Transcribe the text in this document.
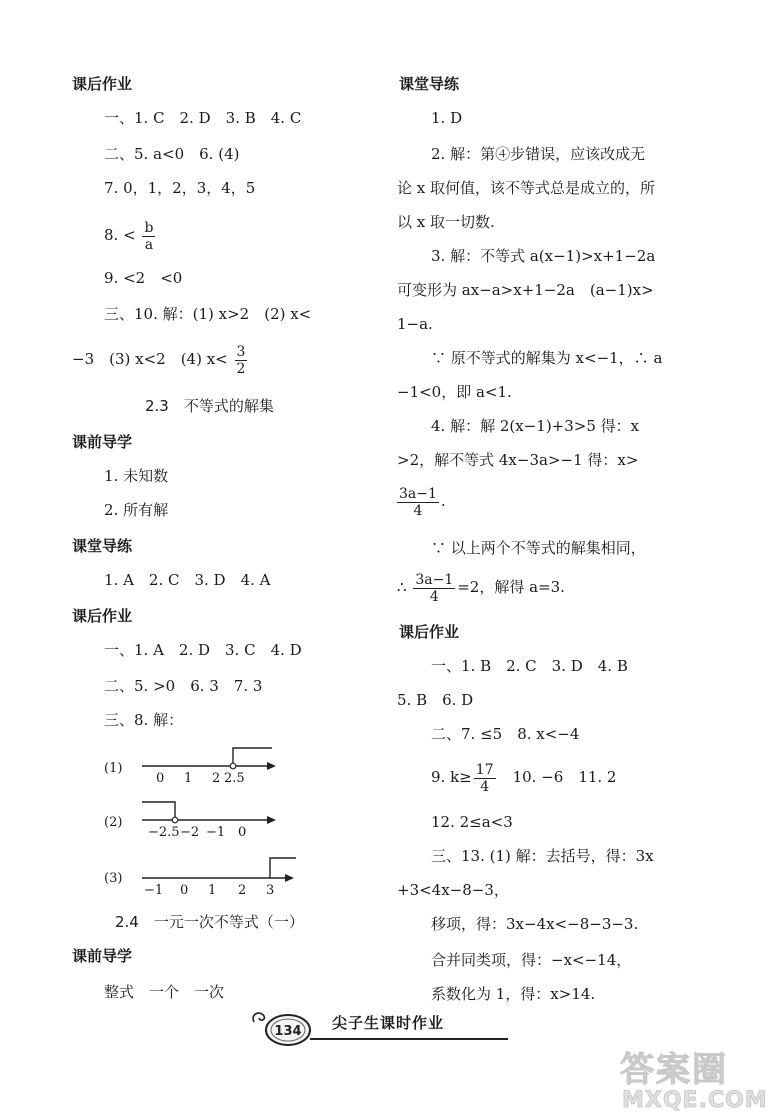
课后作业
一、1. C　2. D　3. B　4. C
二、5. a<0　6. (4)
7. 0，1，2，3，4，5
8. < $\frac{b}{a}$
9. <2　<0
三、10. 解：(1) x>2　(2) x<
−3　(3) x<2　(4) $x< \frac{3}{2}$
2.3　不等式的解集
课前导学
1. 未知数
2. 所有解
课堂导练
1. A　2. C　3. D　4. A
课后作业
一、1. A　2. D　3. C　4. D
二、5. >0　6. 3　7. 3
三、8. 解：
(1)
0 1 2 2.5
(2)
−2.5 −2 −1 0
(3)
−1 0 1 2 3
2.4　一元一次不等式（一）
课前导学
整式　一个　一次
课堂导练
1. D
2. 解：第④步错误，应该改成无
论 x 取何值，该不等式总是成立的，所
以 x 取一切数.
3. 解：不等式 a(x−1)>x+1−2a
可变形为 ax−a>x+1−2a　(a−1)x>
1−a.
∵ 原不等式的解集为 x<−1，∴ a
−1<0，即 a<1.
4. 解：解 2(x−1)+3>5 得：x
>2，解不等式 4x−3a>−1 得：x>
$\frac{3a-1}{4}$ .
∵ 以上两个不等式的解集相同，
∴ $\frac{3a-1}{4} =2$，解得 a=3.
课后作业
一、1. B　2. C　3. D　4. B
5. B　6. D
二、7. ≤5　8. x<−4
9. $k\ge \frac{17}{4}$ 　10. −6　11. 2
12. 2≤a<3
三、13. (1) 解：去括号，得：3x
+3<4x−8−3，
移项，得：3x−4x<−8−3−3.
合并同类项，得：−x<−14，
系数化为 1，得：x>14.
134 尖子生课时作业
答案圈
MXQE.COM
